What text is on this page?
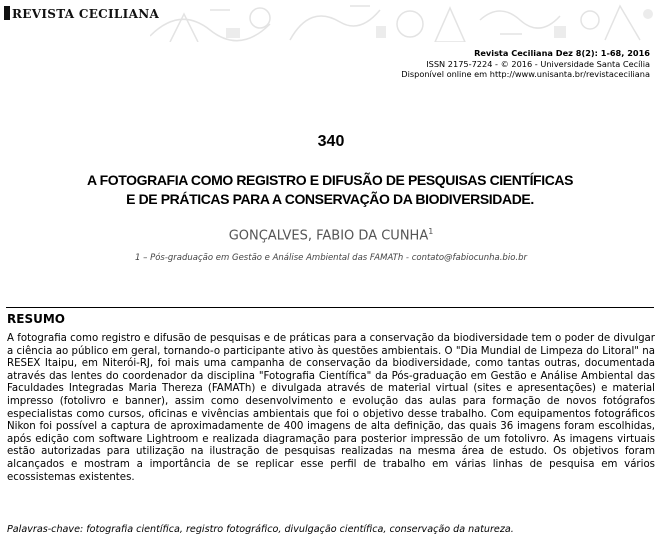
REVISTA CECILIANA
Revista Ceciliana Dez 8(2): 1-68, 2016
ISSN 2175-7224 - © 2016 - Universidade Santa Cecília
Disponível online em http://www.unisanta.br/revistaceciliana
340
A FOTOGRAFIA COMO REGISTRO E DIFUSÃO DE PESQUISAS CIENTÍFICAS
E DE PRÁTICAS PARA A CONSERVAÇÃO DA BIODIVERSIDADE.
GONÇALVES, FABIO DA CUNHA$^1$
1 – Pós-graduação em Gestão e Análise Ambiental das FAMATh - contato@fabiocunha.bio.br
RESUMO

A fotografia como registro e difusão de pesquisas e de práticas para a conservação da biodiversidade tem o poder de divulgar a ciência ao público em geral, tornando-o participante ativo às questões ambientais. O "Dia Mundial de Limpeza do Litoral" na RESEX Itaipu, em Niterói-RJ, foi mais uma campanha de conservação da biodiversidade, como tantas outras, documentada através das lentes do coordenador da disciplina "Fotografia Científica" da Pós-graduação em Gestão e Análise Ambiental das Faculdades Integradas Maria Thereza (FAMATh) e divulgada através de material virtual (sites e apresentações) e material impresso (fotolivro e banner), assim como desenvolvimento e evolução das aulas para formação de novos fotógrafos especialistas como cursos, oficinas e vivências ambientais que foi o objetivo desse trabalho. Com equipamentos fotográficos Nikon foi possível a captura de aproximadamente de 400 imagens de alta definição, das quais 36 imagens foram escolhidas, após edição com software Lightroom e realizada diagramação para posterior impressão de um fotolivro. As imagens virtuais estão autorizadas para utilização na ilustração de pesquisas realizadas na mesma área de estudo. Os objetivos foram alcançados e mostram a importância de se replicar esse perfil de trabalho em várias linhas de pesquisa em vários ecossistemas existentes.

Palavras-chave: fotografia científica, registro fotográfico, divulgação científica, conservação da natureza.
